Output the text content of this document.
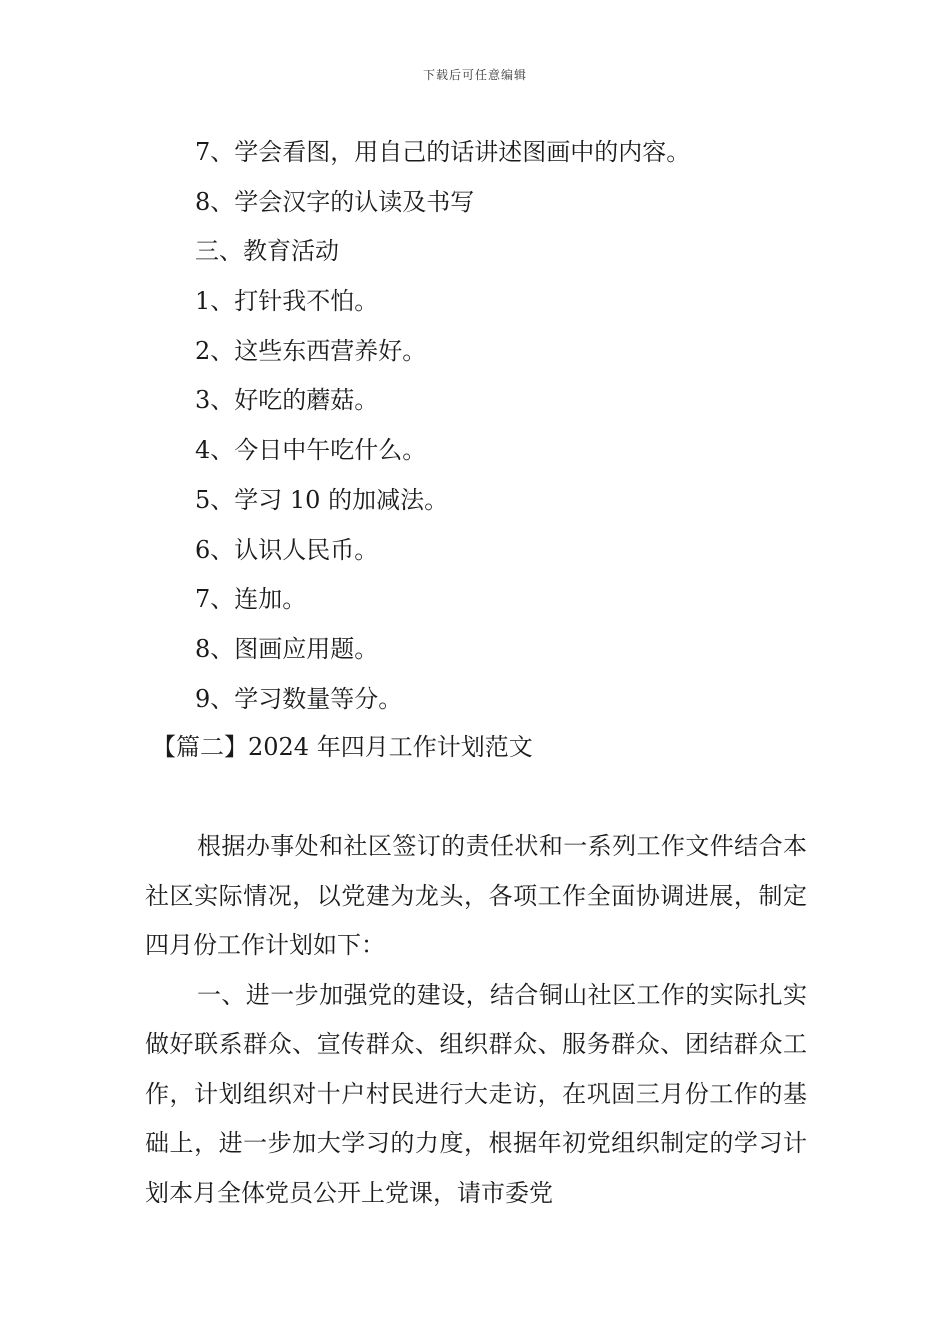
下载后可任意编辑
7、学会看图，用自己的话讲述图画中的内容。
8、学会汉字的认读及书写
三、教育活动
1、打针我不怕。
2、这些东西营养好。
3、好吃的蘑菇。
4、今日中午吃什么。
5、学习 10 的加减法。
6、认识人民币。
7、连加。
8、图画应用题。
9、学习数量等分。
【篇二】2024 年四月工作计划范文

根据办事处和社区签订的责任状和一系列工作文件结合本社区实际情况，以党建为龙头，各项工作全面协调进展，制定四月份工作计划如下：

一、进一步加强党的建设，结合铜山社区工作的实际扎实做好联系群众、宣传群众、组织群众、服务群众、团结群众工作，计划组织对十户村民进行大走访，在巩固三月份工作的基础上，进一步加大学习的力度，根据年初党组织制定的学习计划本月全体党员公开上党课，请市委党
